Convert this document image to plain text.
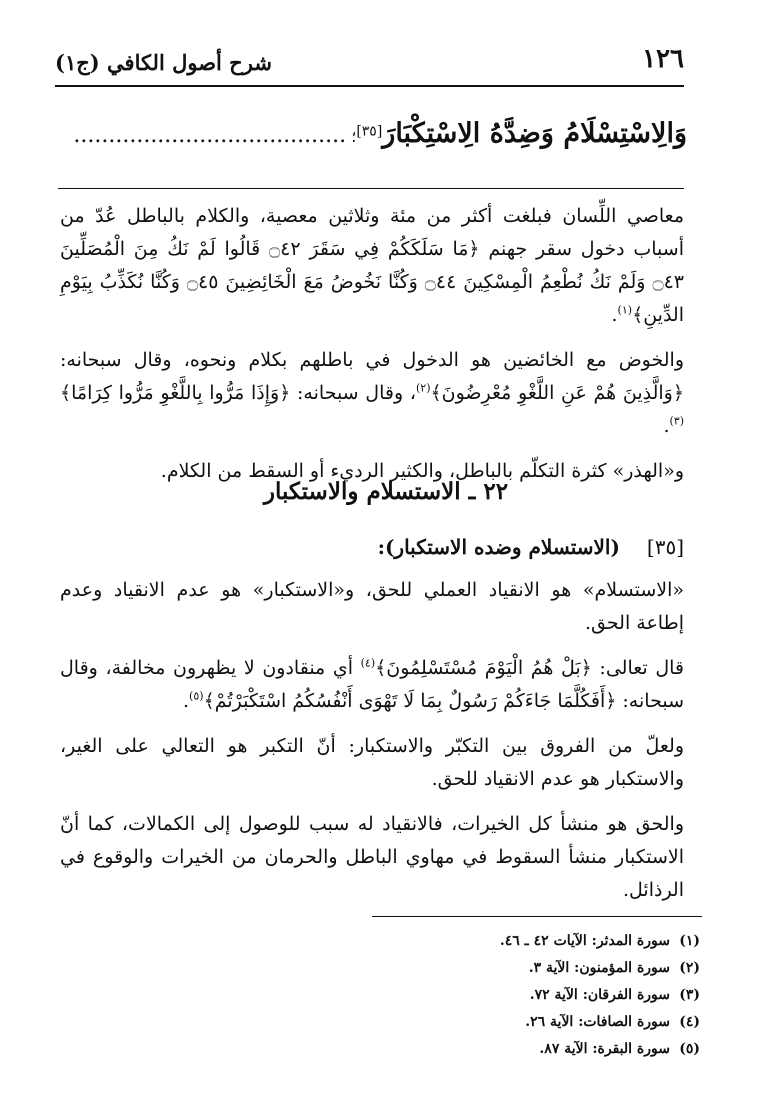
١٢٦
شرح أصول الكافي (ج١)
وَالِاسْتِسْلَامُ وَضِدَّهُ الِاسْتِكْبَارَ[٣٥]؛ .......................................

معاصي اللِّسان فبلغت أكثر من مئة وثلاثين معصية، والكلام بالباطل عُدّ من أسباب دخول سقر جهنم ﴿مَا سَلَكَكُمْ فِي سَقَرَ ۝٤٢ قَالُوا لَمْ نَكُ مِنَ الْمُصَلِّينَ ۝٤٣ وَلَمْ نَكُ نُطْعِمُ الْمِسْكِينَ ۝٤٤ وَكُنَّا نَخُوضُ مَعَ الْخَائِضِينَ ۝٤٥ وَكُنَّا نُكَذِّبُ بِيَوْمِ الدِّينِ﴾$^{(١)}$.

والخوض مع الخائضين هو الدخول في باطلهم بكلام ونحوه، وقال سبحانه: ﴿وَالَّذِينَ هُمْ عَنِ اللَّغْوِ مُعْرِضُونَ﴾$^{(٢)}$، وقال سبحانه: ﴿وَإِذَا مَرُّوا بِاللَّغْوِ مَرُّوا كِرَامًا﴾$^{(٣)}$.

و«الهذر» كثرة التكلّم بالباطل، والكثير الرديء أو السقط من الكلام.

٢٢ ـ الاستسلام والاستكبار
[٣٥] (الاستسلام وضده الاستكبار):

«الاستسلام» هو الانقياد العملي للحق، و«الاستكبار» هو عدم الانقياد وعدم إطاعة الحق.

قال تعالى: ﴿بَلْ هُمُ الْيَوْمَ مُسْتَسْلِمُونَ﴾$^{(٤)}$ أي منقادون لا يظهرون مخالفة، وقال سبحانه: ﴿أَفَكُلَّمَا جَاءَكُمْ رَسُولٌ بِمَا لَا تَهْوَى أَنْفُسُكُمُ اسْتَكْبَرْتُمْ﴾$^{(٥)}$.

ولعلّ من الفروق بين التكبّر والاستكبار: أنّ التكبر هو التعالي على الغير، والاستكبار هو عدم الانقياد للحق.

والحق هو منشأ كل الخيرات، فالانقياد له سبب للوصول إلى الكمالات، كما أنّ الاستكبار منشأ السقوط في مهاوي الباطل والحرمان من الخيرات والوقوع في الرذائل.

(١)سورة المدثر: الآيات ٤٢ ـ ٤٦.
(٢)سورة المؤمنون: الآية ٣.
(٣)سورة الفرقان: الآية ٧٢.
(٤)سورة الصافات: الآية ٢٦.
(٥)سورة البقرة: الآية ٨٧.
